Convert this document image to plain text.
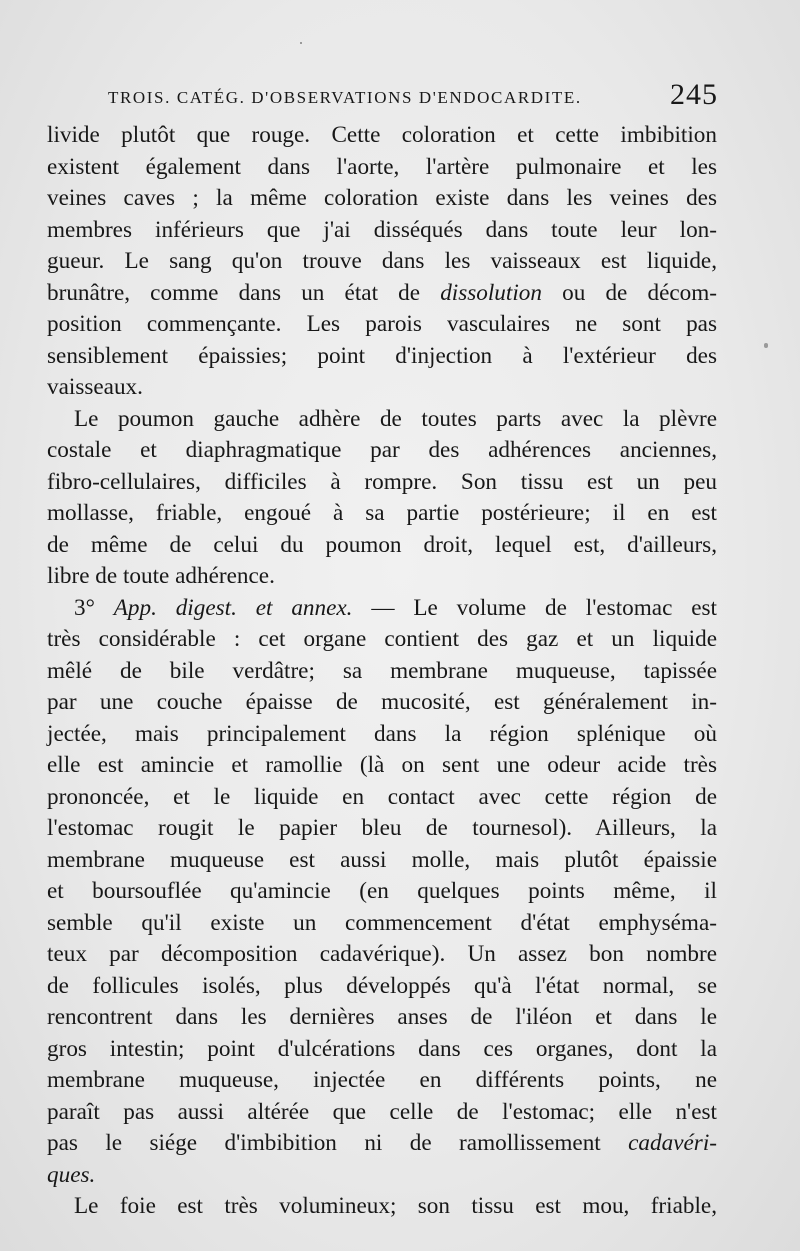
TROIS. CATÉG. D'OBSERVATIONS D'ENDOCARDITE.	245
livide plutôt que rouge. Cette coloration et cette imbibition
existent également dans l'aorte, l'artère pulmonaire et les
veines caves ; la même coloration existe dans les veines des
membres inférieurs que j'ai disséqués dans toute leur lon-
gueur. Le sang qu'on trouve dans les vaisseaux est liquide,
brunâtre, comme dans un état de dissolution ou de décom-
position commençante. Les parois vasculaires ne sont pas
sensiblement épaissies; point d'injection à l'extérieur des
vaisseaux.
Le poumon gauche adhère de toutes parts avec la plèvre
costale et diaphragmatique par des adhérences anciennes,
fibro-cellulaires, difficiles à rompre. Son tissu est un peu
mollasse, friable, engoué à sa partie postérieure; il en est
de même de celui du poumon droit, lequel est, d'ailleurs,
libre de toute adhérence.
3° App. digest. et annex. — Le volume de l'estomac est
très considérable : cet organe contient des gaz et un liquide
mêlé de bile verdâtre; sa membrane muqueuse, tapissée
par une couche épaisse de mucosité, est généralement in-
jectée, mais principalement dans la région splénique où
elle est amincie et ramollie (là on sent une odeur acide très
prononcée, et le liquide en contact avec cette région de
l'estomac rougit le papier bleu de tournesol). Ailleurs, la
membrane muqueuse est aussi molle, mais plutôt épaissie
et boursouflée qu'amincie (en quelques points même, il
semble qu'il existe un commencement d'état emphysémа-
teux par décomposition cadavérique). Un assez bon nombre
de follicules isolés, plus développés qu'à l'état normal, se
rencontrent dans les dernières anses de l'iléon et dans le
gros intestin; point d'ulcérations dans ces organes, dont la
membrane muqueuse, injectée en différents points, ne
paraît pas aussi altérée que celle de l'estomac; elle n'est
pas le siége d'imbibition ni de ramollissement cadavéri-
ques.
Le foie est très volumineux; son tissu est mou, friable,
